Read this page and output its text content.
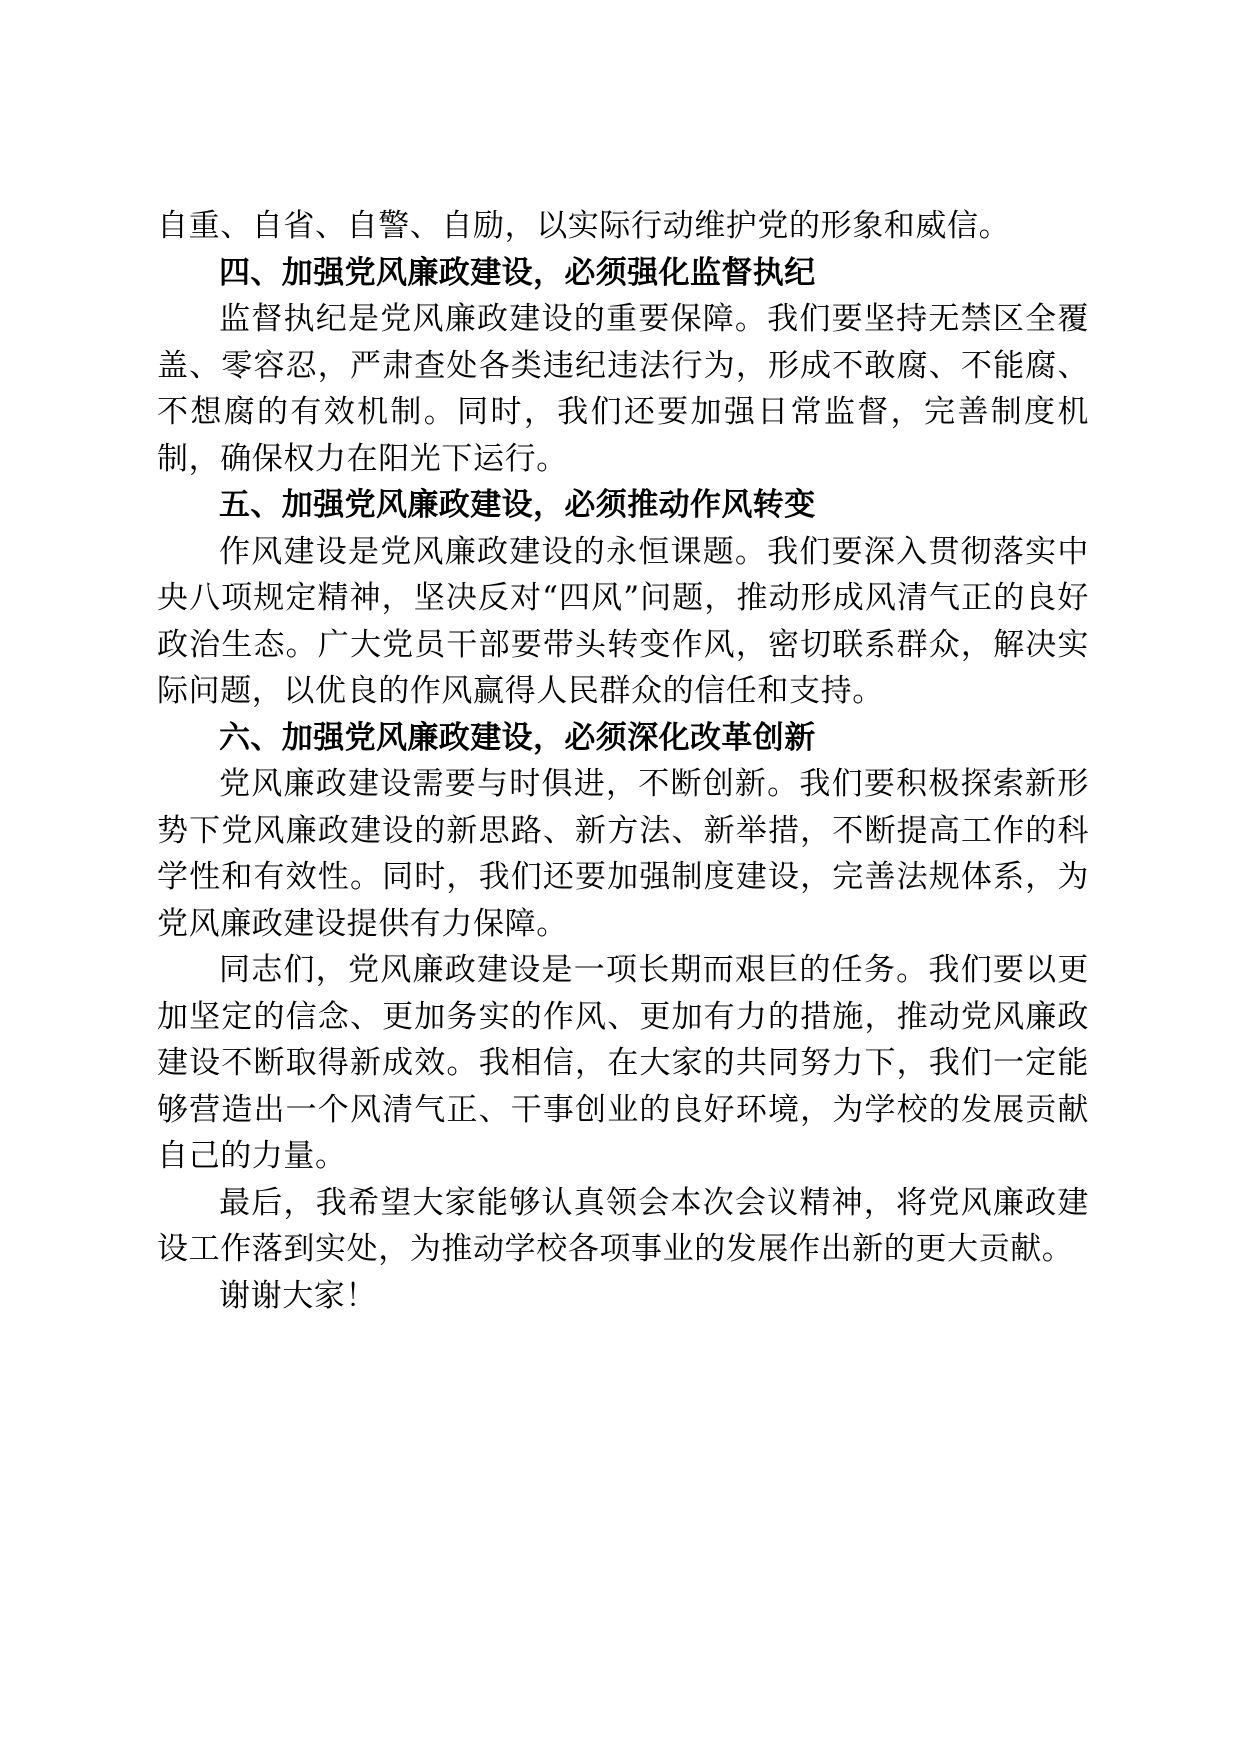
自重、自省、自警、自励，以实际行动维护党的形象和威信。

四、加强党风廉政建设，必须强化监督执纪

监督执纪是党风廉政建设的重要保障。我们要坚持无禁区全覆盖、零容忍，严肃查处各类违纪违法行为，形成不敢腐、不能腐、不想腐的有效机制。同时，我们还要加强日常监督，完善制度机制，确保权力在阳光下运行。

五、加强党风廉政建设，必须推动作风转变

作风建设是党风廉政建设的永恒课题。我们要深入贯彻落实中央八项规定精神，坚决反对“四风”问题，推动形成风清气正的良好政治生态。广大党员干部要带头转变作风，密切联系群众，解决实际问题，以优良的作风赢得人民群众的信任和支持。

六、加强党风廉政建设，必须深化改革创新

党风廉政建设需要与时俱进，不断创新。我们要积极探索新形势下党风廉政建设的新思路、新方法、新举措，不断提高工作的科学性和有效性。同时，我们还要加强制度建设，完善法规体系，为党风廉政建设提供有力保障。

同志们，党风廉政建设是一项长期而艰巨的任务。我们要以更加坚定的信念、更加务实的作风、更加有力的措施，推动党风廉政建设不断取得新成效。我相信，在大家的共同努力下，我们一定能够营造出一个风清气正、干事创业的良好环境，为学校的发展贡献自己的力量。

最后，我希望大家能够认真领会本次会议精神，将党风廉政建设工作落到实处，为推动学校各项事业的发展作出新的更大贡献。

谢谢大家！
